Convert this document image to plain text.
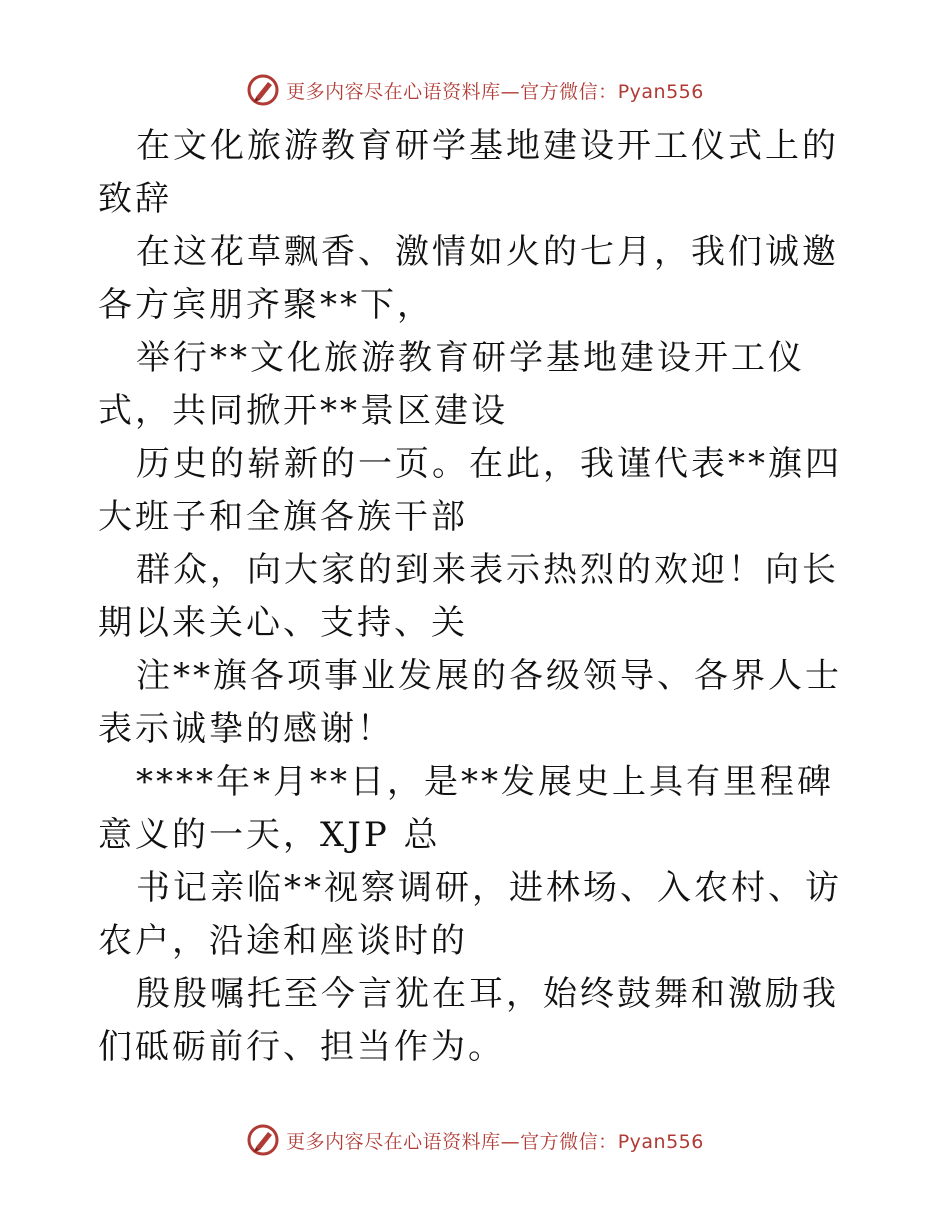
更多内容尽在心语资料库—官方微信：Pyan556

在文化旅游教育研学基地建设开工仪式上的致辞

在这花草飘香、激情如火的七月，我们诚邀各方宾朋齐聚**下，

举行**文化旅游教育研学基地建设开工仪式，共同掀开**景区建设

历史的崭新的一页。在此，我谨代表**旗四大班子和全旗各族干部

群众，向大家的到来表示热烈的欢迎！向长期以来关心、支持、关

注**旗各项事业发展的各级领导、各界人士表示诚挚的感谢！

****年*月**日，是**发展史上具有里程碑意义的一天，XJP 总

书记亲临**视察调研，进林场、入农村、访农户，沿途和座谈时的

殷殷嘱托至今言犹在耳，始终鼓舞和激励我们砥砺前行、担当作为。

更多内容尽在心语资料库—官方微信：Pyan556
